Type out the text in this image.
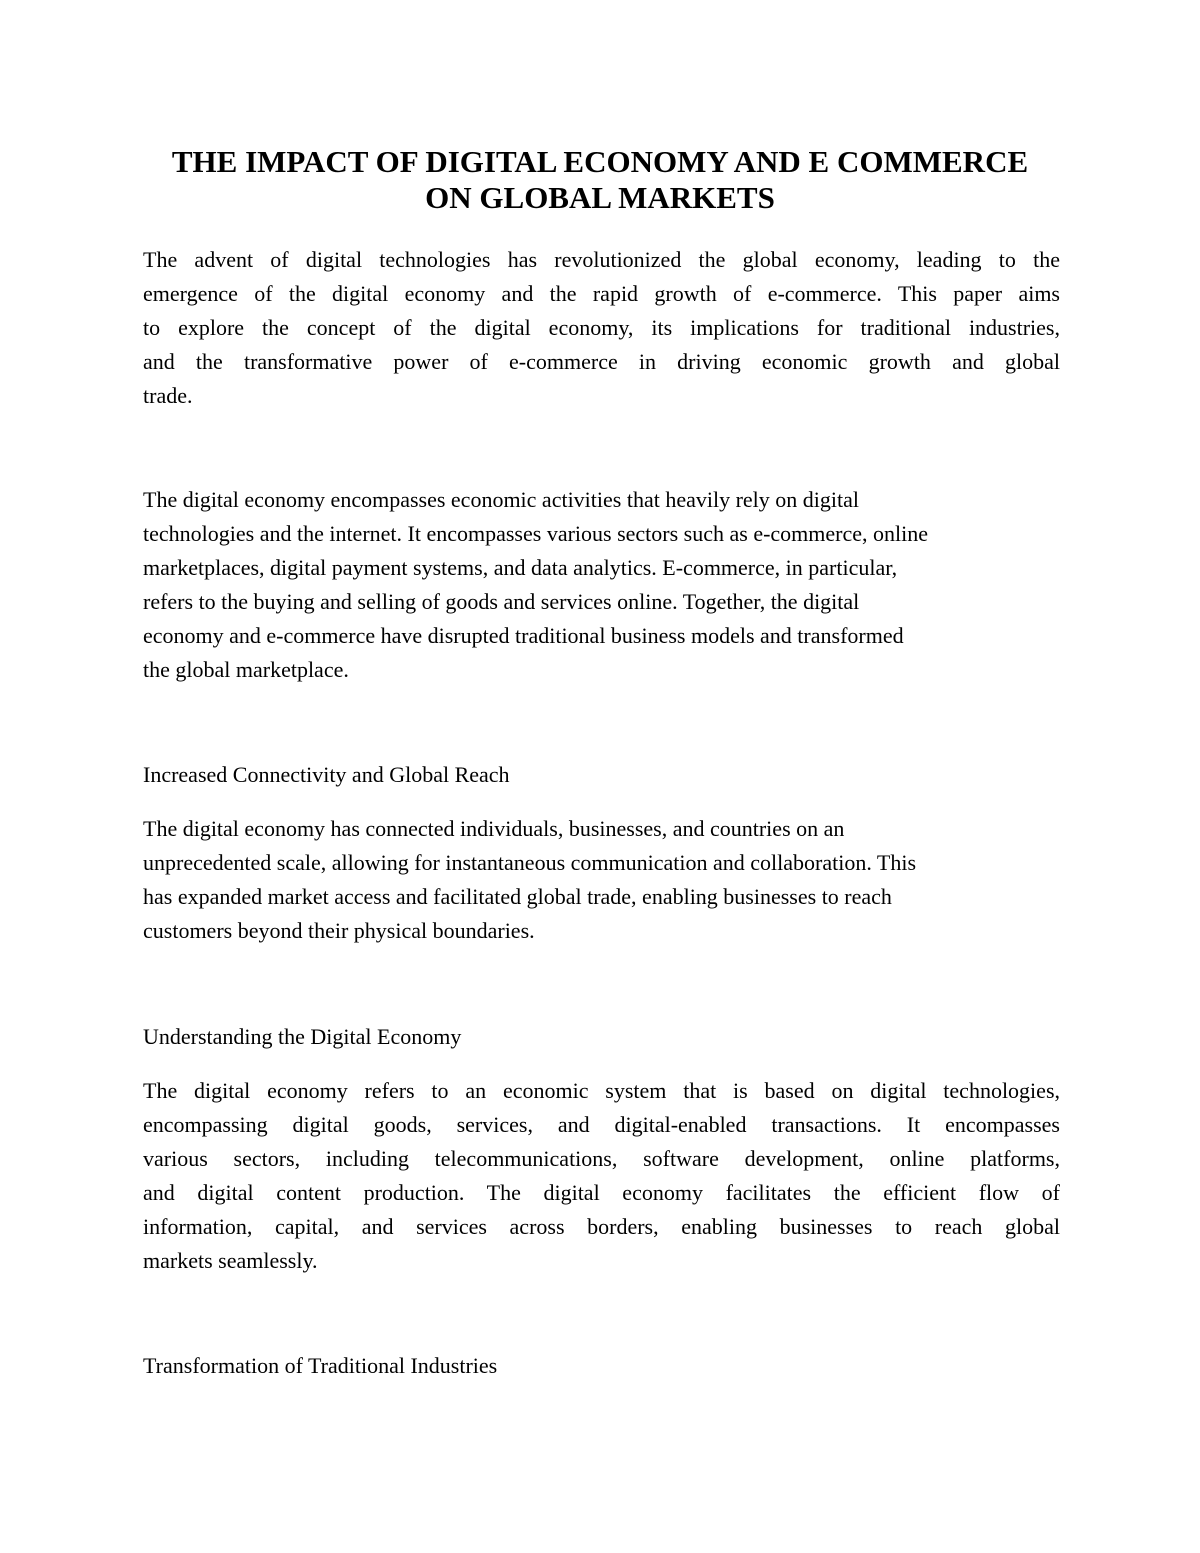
THE IMPACT OF DIGITAL ECONOMY AND E COMMERCE
ON GLOBAL MARKETS

The advent of digital technologies has revolutionized the global economy, leading to the
emergence of the digital economy and the rapid growth of e-commerce. This paper aims
to explore the concept of the digital economy, its implications for traditional industries,
and the transformative power of e-commerce in driving economic growth and global
trade.

The digital economy encompasses economic activities that heavily rely on digital
technologies and the internet. It encompasses various sectors such as e-commerce, online
marketplaces, digital payment systems, and data analytics. E-commerce, in particular,
refers to the buying and selling of goods and services online. Together, the digital
economy and e-commerce have disrupted traditional business models and transformed
the global marketplace.

Increased Connectivity and Global Reach

The digital economy has connected individuals, businesses, and countries on an
unprecedented scale, allowing for instantaneous communication and collaboration. This
has expanded market access and facilitated global trade, enabling businesses to reach
customers beyond their physical boundaries.

Understanding the Digital Economy

The digital economy refers to an economic system that is based on digital technologies,
encompassing digital goods, services, and digital-enabled transactions. It encompasses
various sectors, including telecommunications, software development, online platforms,
and digital content production. The digital economy facilitates the efficient flow of
information, capital, and services across borders, enabling businesses to reach global
markets seamlessly.

Transformation of Traditional Industries
